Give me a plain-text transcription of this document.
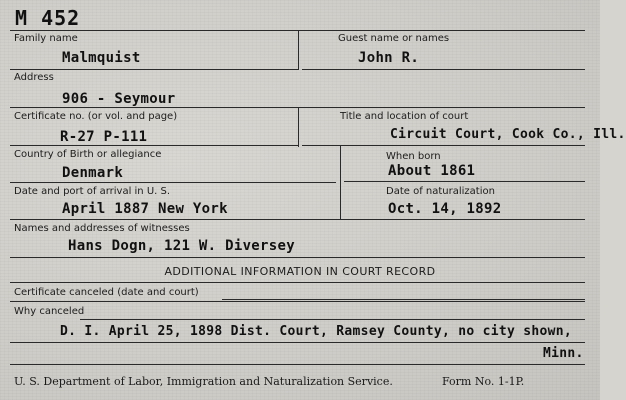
M 452
Family name
Malmquist
Guest name or names
John R.
Address
906 - Seymour
Certificate no. (or vol. and page)
R-27 P-111
Title and location of court
Circuit Court, Cook Co., Ill.
Country of Birth or allegiance
Denmark
When born
About 1861
Date and port of arrival in U. S.
April 1887 New York
Date of naturalization
Oct. 14, 1892
Names and addresses of witnesses
Hans Dogn, 121 W. Diversey
ADDITIONAL INFORMATION IN COURT RECORD
Certificate canceled (date and court)
Why canceled
D. I. April 25, 1898 Dist. Court, Ramsey County, no city shown,
Minn.
U. S. Department of Labor, Immigration and Naturalization Service.	Form No. 1-1P.
